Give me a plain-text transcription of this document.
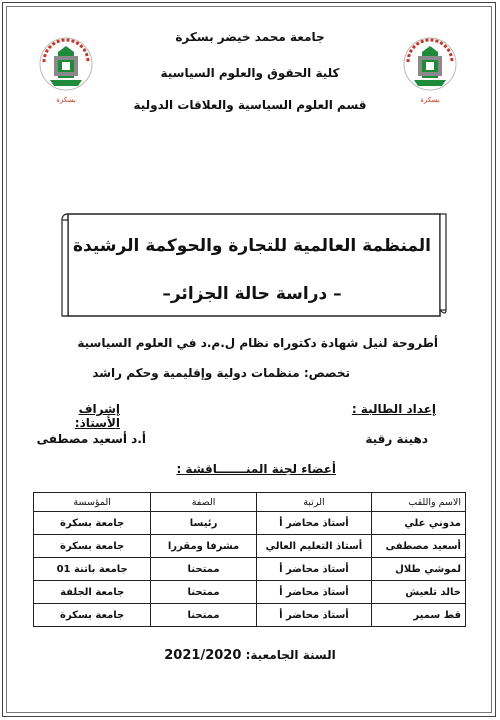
جامعة محمد خيضر بسكرة
كلية الحقوق والعلوم السياسية
قسم العلوم السياسية والعلاقات الدولية
بسكرة	بسكرة
المنظمة العالمية للتجارة والحوكمة الرشيدة
– دراسة حالة الجزائر–
أطروحة لنيل شهادة دكتوراه نظام ل.م.د في العلوم السياسية
تخصص: منظمات دولية وإقليمية وحكم راشد
إعداد الطالبة :
إشراف الأستاذ:
دهينة رقية
أ.د أسعيد مصطفى
أعضاء لجنة المنـــــــاقشة :
الاسم واللقب	الرتبة	الصفة	المؤسسة
مدوني علي	أستاذ محاضر أ	رئيسا	جامعة بسكرة
أسعيد مصطفى	أستاذ التعليم العالي	مشرفا ومقررا	جامعة بسكرة
لموشي طلال	أستاذ محاضر أ	ممتحنا	جامعة باتنة 01
خالد تلعيش	أستاذ محاضر أ	ممتحنا	جامعة الجلفة
قط سمير	أستاذ محاضر أ	ممتحنا	جامعة بسكرة
السنة الجامعية: 2021/2020
